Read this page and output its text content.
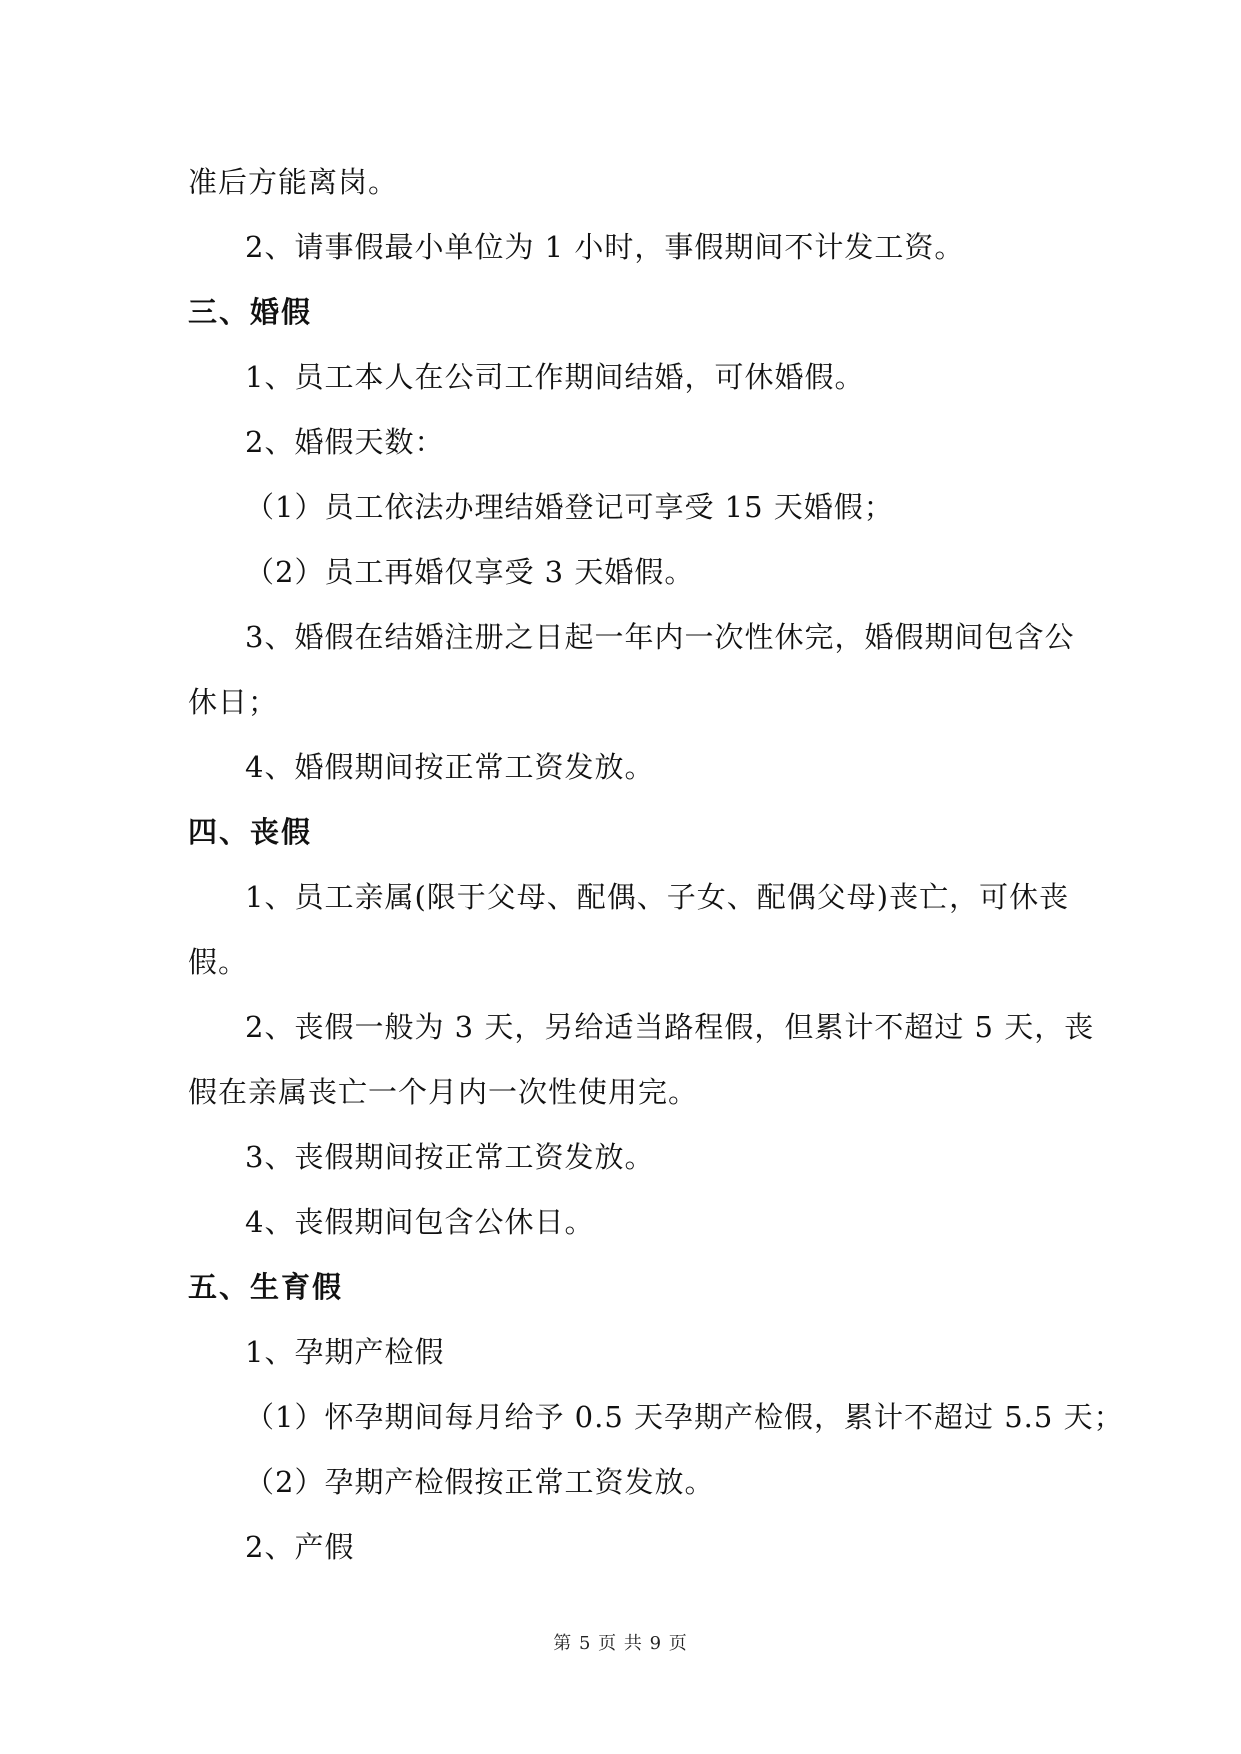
准后方能离岗。
2、请事假最小单位为 1 小时，事假期间不计发工资。
三、婚假
1、员工本人在公司工作期间结婚，可休婚假。
2、婚假天数：
（1）员工依法办理结婚登记可享受 15 天婚假；
（2）员工再婚仅享受 3 天婚假。
3、婚假在结婚注册之日起一年内一次性休完，婚假期间包含公
休日；
4、婚假期间按正常工资发放。
四、丧假
1、员工亲属(限于父母、配偶、子女、配偶父母)丧亡，可休丧
假。
2、丧假一般为 3 天，另给适当路程假，但累计不超过 5 天，丧
假在亲属丧亡一个月内一次性使用完。
3、丧假期间按正常工资发放。
4、丧假期间包含公休日。
五、生育假
1、孕期产检假
（1）怀孕期间每月给予 0.5 天孕期产检假，累计不超过 5.5 天；
（2）孕期产检假按正常工资发放。
2、产假
第 5 页 共 9 页
